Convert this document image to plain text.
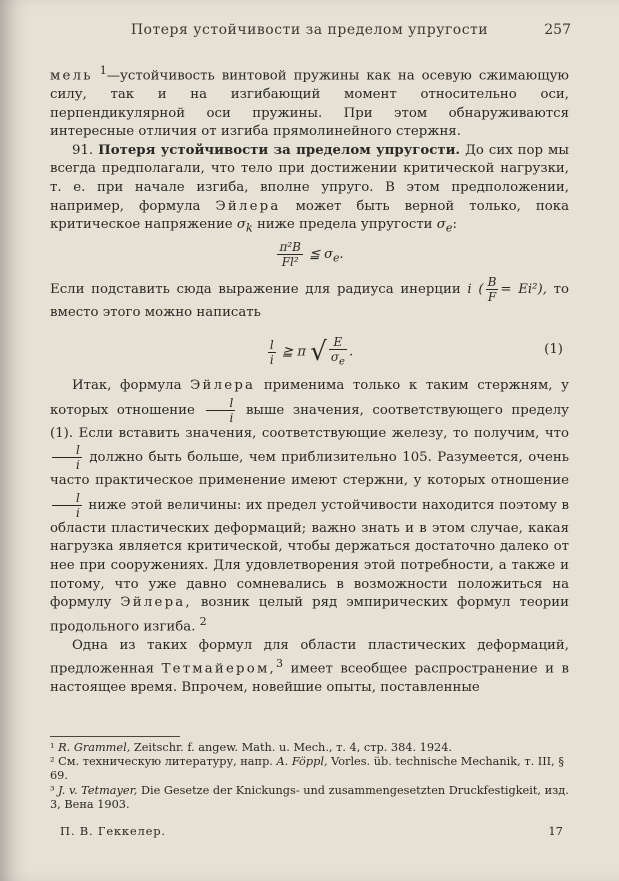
Потеря устойчивости за пределом упругости	257

мель $^1$—устойчивость винтовой пружины как на осевую сжимающую силу, так и на изгибающий момент относительно оси, перпендикулярной оси пружины. При этом обнаруживаются интересные отличия от изгиба прямолинейного стержня.

91. Потеря устойчивости за пределом упругости. До сих пор мы всегда предполагали, что тело при достижении критической нагрузки, т. е. при начале изгиба, вполне упруго. В этом предположении, например, формула Эйлера может быть верной только, пока критическое напряжение $\sigma_k$ ниже предела упругости $\sigma_e$:

$\frac{\text{π²B}}{\text{Fl²}}$ ≦ $\sigma_e$.

Если подставить сюда выражение для радиуса инерции i ( $\frac{B}{F} = Ei^2$), то вместо этого можно написать

$\frac{l}{i}$ ≧ π √ $\frac{E}{\sigma_e}$ .	(1)

Итак, формула Эйлера применима только к таким стержням, у которых отношение $\frac{l}{i}$ выше значения, соответствующего пределу (1). Если вставить значения, соответствующие железу, то получим, что
$\frac{l}{i}$ должно быть больше, чем приблизительно 105. Разумеется, очень часто практическое применение имеют стержни, у которых отношение
$\frac{l}{i}$ ниже этой величины: их предел устойчивости находится поэтому в области пластических деформаций; важно знать и в этом случае, какая нагрузка является критической, чтобы держаться достаточно далеко от нее при сооружениях. Для удовлетворения этой потребности, а также и потому, что уже давно сомневались в возможности положиться на формулу Эйлера, возник целый ряд эмпирических формул теории продольного изгиба. $^2$

Одна из таких формул для области пластических деформаций, предложенная Тетмайером,$^3$ имеет всеобщее распространение и в настоящее время. Впрочем, новейшие опыты, поставленные

¹ R. Grammel, Zeitschr. f. angew. Math. u. Mech., т. 4, стр. 384. 1924.

² См. техническую литературу, напр. A. Föppl, Vorles. üb. technische Mechanik, т. III, § 69.

³ J. v. Tetmayer, Die Gesetze der Knickungs- und zusammengesetzten Druckfestigkeit, изд. 3, Вена 1903.

П. В. Геккелер.	17
